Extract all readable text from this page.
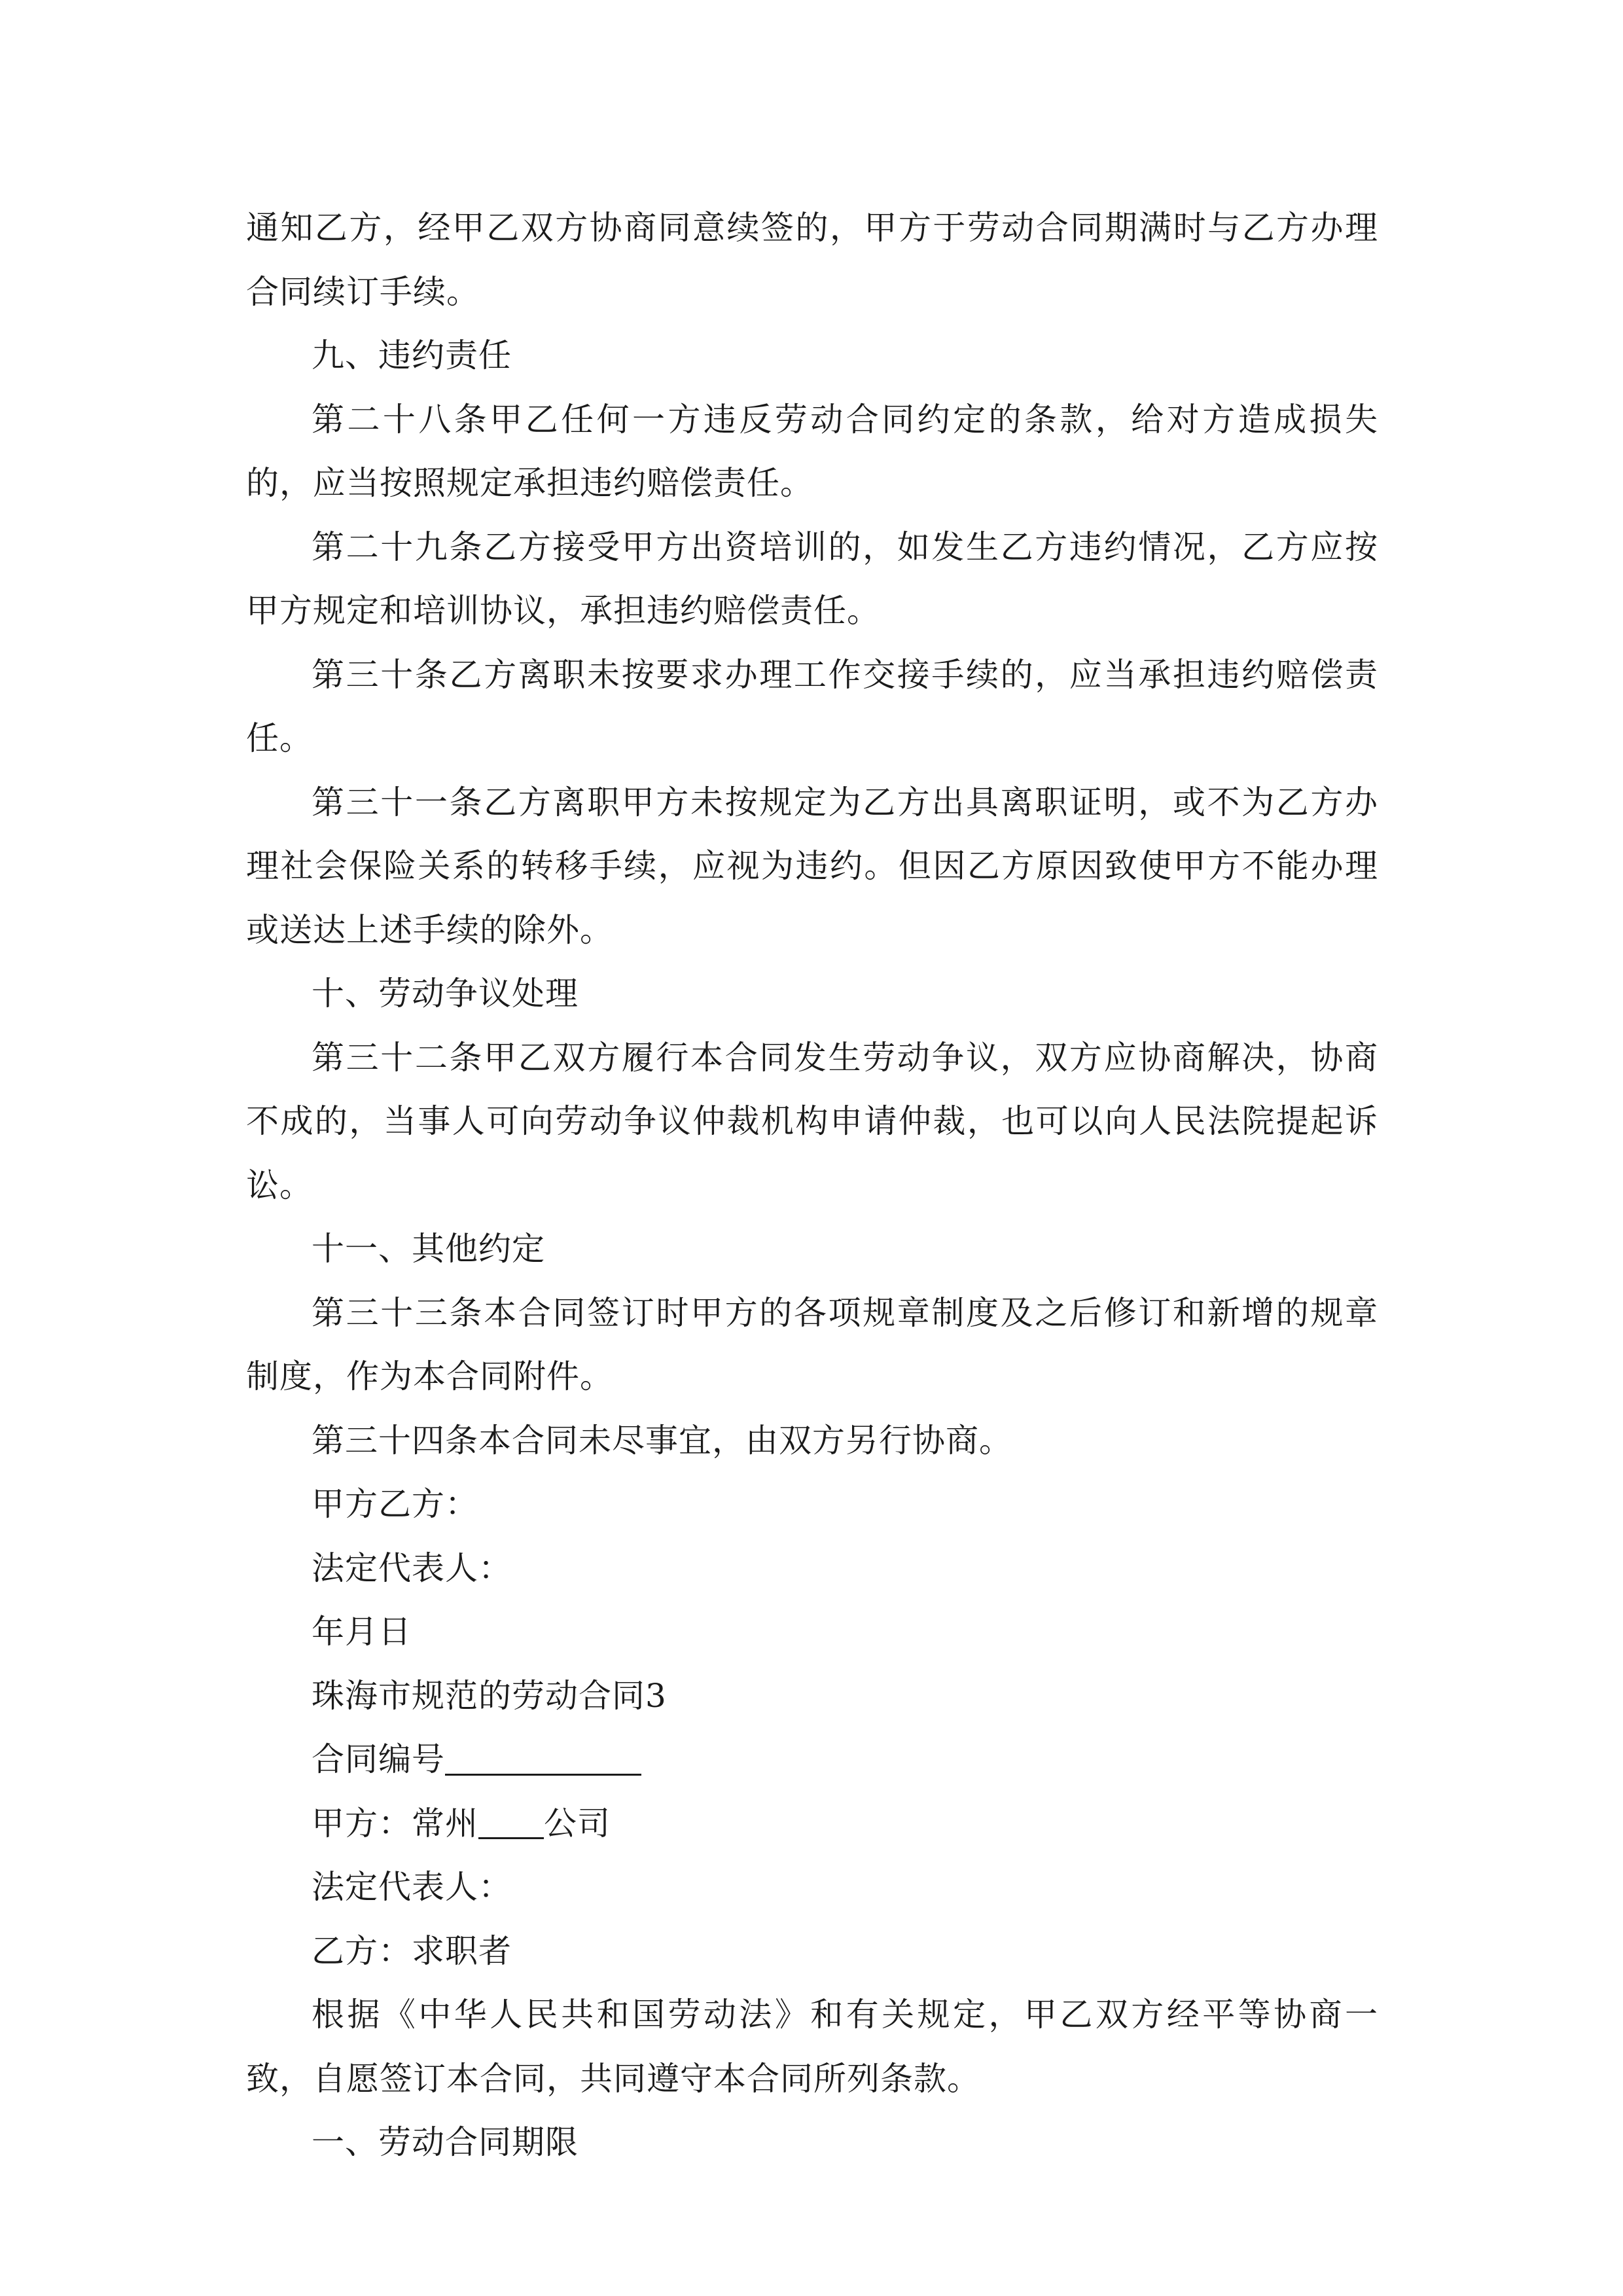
通知乙方，经甲乙双方协商同意续签的，甲方于劳动合同期满时与乙方办理合同续订手续。

九、违约责任

第二十八条甲乙任何一方违反劳动合同约定的条款，给对方造成损失的，应当按照规定承担违约赔偿责任。

第二十九条乙方接受甲方出资培训的，如发生乙方违约情况，乙方应按甲方规定和培训协议，承担违约赔偿责任。

第三十条乙方离职未按要求办理工作交接手续的，应当承担违约赔偿责任。

第三十一条乙方离职甲方未按规定为乙方出具离职证明，或不为乙方办理社会保险关系的转移手续，应视为违约。但因乙方原因致使甲方不能办理或送达上述手续的除外。

十、劳动争议处理

第三十二条甲乙双方履行本合同发生劳动争议，双方应协商解决，协商不成的，当事人可向劳动争议仲裁机构申请仲裁，也可以向人民法院提起诉讼。

十一、其他约定

第三十三条本合同签订时甲方的各项规章制度及之后修订和新增的规章制度，作为本合同附件。

第三十四条本合同未尽事宜，由双方另行协商。

甲方乙方：

法定代表人：

年月日

珠海市规范的劳动合同3

合同编号

甲方：常州 公司

法定代表人：

乙方：求职者

根据《中华人民共和国劳动法》和有关规定，甲乙双方经平等协商一致，自愿签订本合同，共同遵守本合同所列条款。

一、劳动合同期限
